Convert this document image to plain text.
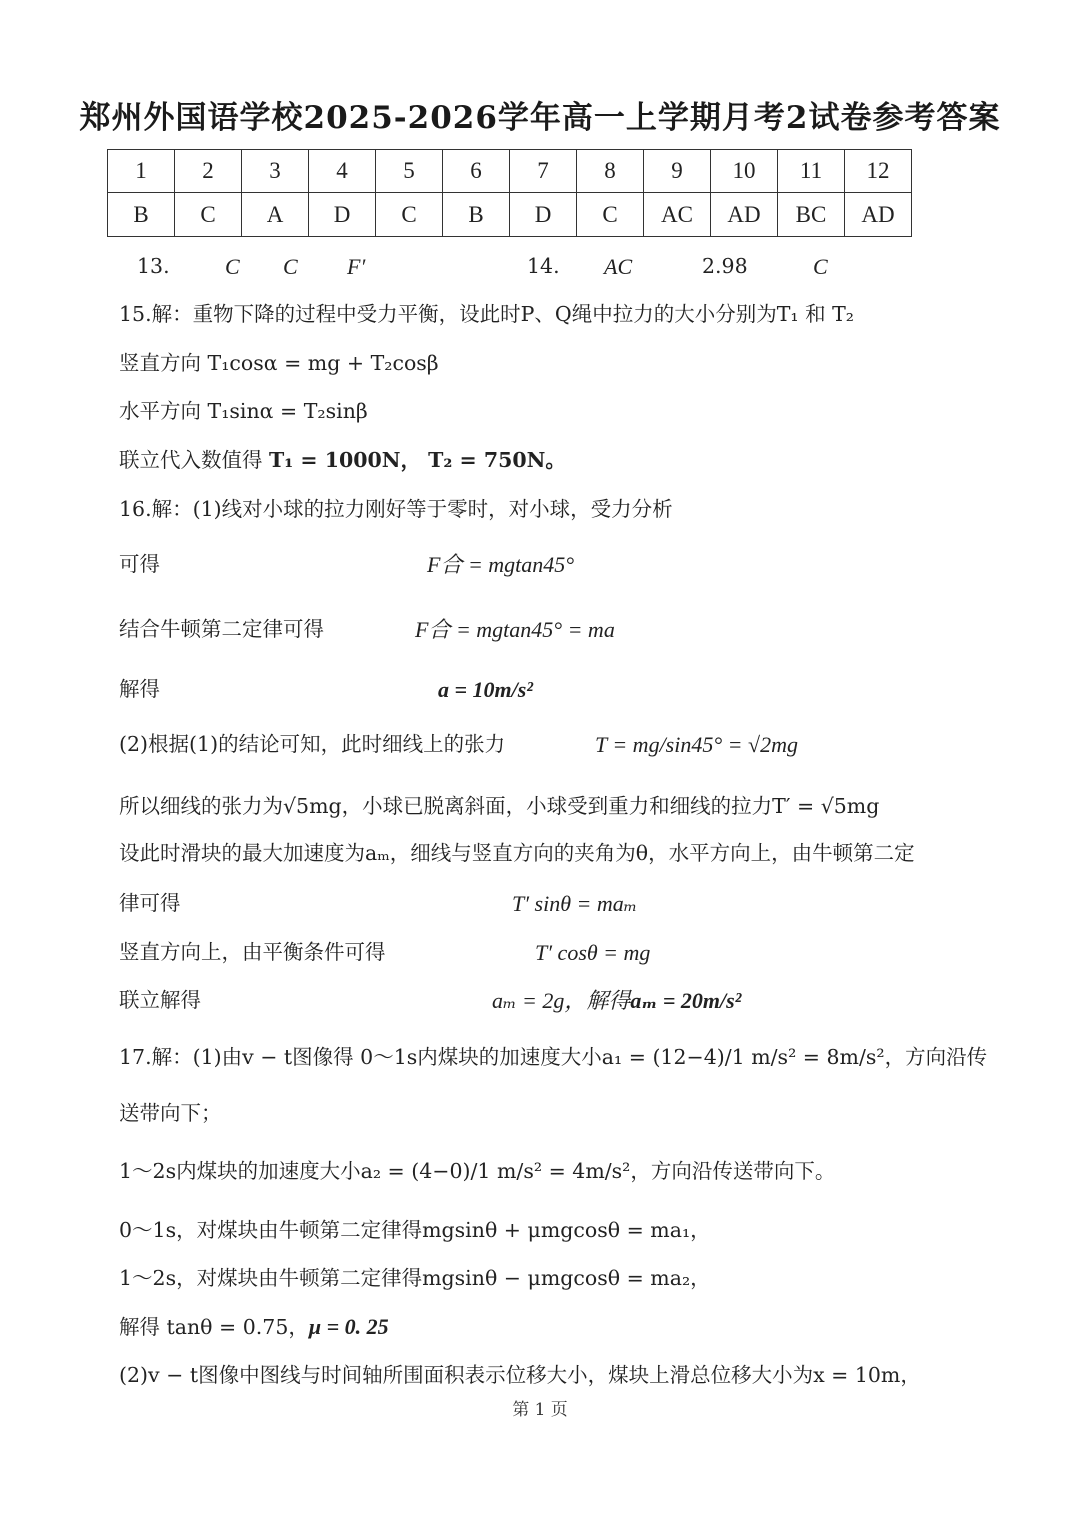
郑州外国语学校2025-2026学年高一上学期月考2试卷参考答案
1	2	3	4	5	6	7	8	9	10	11	12
B	C	A	D	C	B	D	C	AC	AD	BC	AD
13.	C C F′	14. AC	2.98	C
15.解：重物下降的过程中受力平衡，设此时P、Q绳中拉力的大小分别为T₁ 和 T₂
竖直方向 T₁cosα = mg + T₂cosβ
水平方向 T₁sinα = T₂sinβ
联立代入数值得 T₁ = 1000N， T₂ = 750N。
16.解：(1)线对小球的拉力刚好等于零时，对小球，受力分析
可得	F合 = mgtan45°
结合牛顿第二定律可得	F合 = mgtan45° = ma
解得	a = 10m/s²
(2)根据(1)的结论可知，此时细线上的张力	T = mg/sin45° = √2mg
所以细线的张力为√5mg，小球已脱离斜面，小球受到重力和细线的拉力T′ = √5mg
设此时滑块的最大加速度为aₘ，细线与竖直方向的夹角为θ，水平方向上，由牛顿第二定
律可得	T′ sinθ = maₘ
竖直方向上，由平衡条件可得	T′ cosθ = mg
联立解得	aₘ = 2g，解得aₘ = 20m/s²
17.解：(1)由v − t图像得 0～1s内煤块的加速度大小a₁ = (12−4)/1 m/s² = 8m/s²，方向沿传
送带向下；
1～2s内煤块的加速度大小a₂ = (4−0)/1 m/s² = 4m/s²，方向沿传送带向下。
0～1s，对煤块由牛顿第二定律得mgsinθ + μmgcosθ = ma₁，
1～2s，对煤块由牛顿第二定律得mgsinθ − μmgcosθ = ma₂，
解得 tanθ = 0.75，μ = 0. 25
(2)v − t图像中图线与时间轴所围面积表示位移大小，煤块上滑总位移大小为x = 10m，
第 1 页
